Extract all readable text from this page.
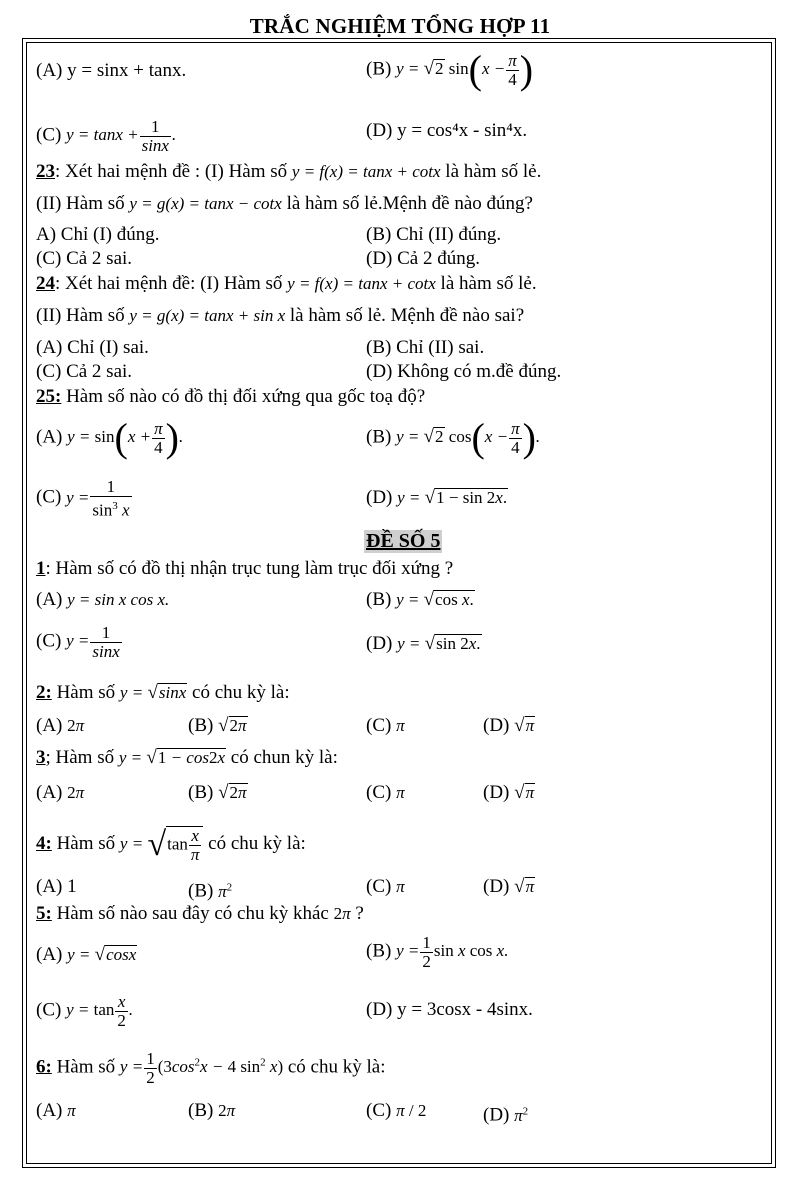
TRẮC NGHIỆM TỔNG HỢP 11
(A) y = sinx + tanx.	(B) y = √2 $\sin(x - \frac{\pi}{4}$ )
(C) $y = \tan x + \frac{1}{\sin x}$ .	(D) y = cos⁴x - sin⁴x.
23: Xét hai mệnh đề : (I) Hàm số y = f(x) = tanx + cotx là hàm số lẻ.
(II) Hàm số y = g(x) = tanx − cotx là hàm số lẻ.Mệnh đề nào đúng?
A) Chỉ (I) đúng.	(B) Chỉ (II) đúng.
(C) Cả 2 sai.	(D) Cả 2 đúng.
24: Xét hai mệnh đề: (I) Hàm số y = f(x) = tanx + cotx là hàm số lẻ.
(II) Hàm số y = g(x) = tanx + sin x là hàm số lẻ. Mệnh đề nào sai?
(A) Chỉ (I) sai.	(B) Chỉ (II) sai.
(C) Cả 2 sai.	(D) Không có m.đề đúng.
25: Hàm số nào có đồ thị đối xứng qua gốc toạ độ?
(A) $y = \sin(x + \frac{\pi}{4}$ ).	(B) y = √2 $\cos(x - \frac{\pi}{4}$ ).
(C) $y = \frac{1}{\sin^3 x}$	(D) y = √1 − sin 2x.
ĐỀ SỐ 5
1: Hàm số có đồ thị nhận trục tung làm trục đối xứng ?
(A) y = sin x cos x.	(B) y = √cos x.
(C) $y = \frac{1}{\sin x}$	(D) y = √sin 2x.
2: Hàm số y = √sinx có chu kỳ là:
(A) 2π	(B) √2π	(C) π	(D) √π
3; Hàm số y = √1 − cos2x có chun kỳ là:
(A) 2π	(B) √2π	(C) π	(D) √π
4: Hàm số $y = √\tan \frac{x}{\pi}$ có chu kỳ là:
(A) 1	(B) $\pi^2$	(C) π	(D) √π
5: Hàm số nào sau đây có chu kỳ khác 2π ?
(A) y = √cosx	(B) $y = \frac{1}{2}$ sin x cos x.
(C) $y = \tan \frac{x}{2}$ .	(D) y = 3cosx - 4sinx.
6: Hàm số $y = \frac{1}{2} (3\cos^2x - 4$ $\sin^2 x$) có chu kỳ là:
(A) π	(B) 2π	(C) π / 2	(D) $\pi^2$
